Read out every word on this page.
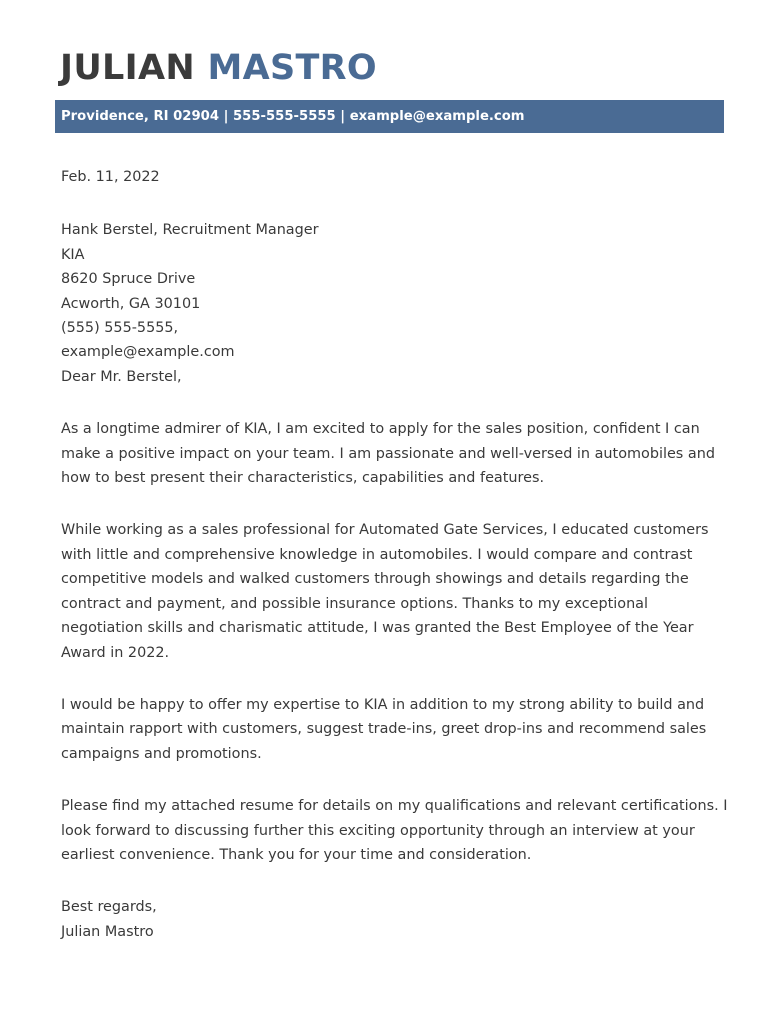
JULIAN MASTRO
Providence, RI 02904 | 555-555-5555 | example@example.com

Feb. 11, 2022

Hank Berstel, Recruitment Manager
KIA
8620 Spruce Drive
Acworth, GA 30101
(555) 555-5555,
example@example.com

Dear Mr. Berstel,

As a longtime admirer of KIA, I am excited to apply for the sales position, confident I can make a positive impact on your team. I am passionate and well-versed in automobiles and how to best present their characteristics, capabilities and features.

While working as a sales professional for Automated Gate Services, I educated customers with little and comprehensive knowledge in automobiles. I would compare and contrast competitive models and walked customers through showings and details regarding the contract and payment, and possible insurance options. Thanks to my exceptional negotiation skills and charismatic attitude, I was granted the Best Employee of the Year Award in 2022.

I would be happy to offer my expertise to KIA in addition to my strong ability to build and maintain rapport with customers, suggest trade-ins, greet drop-ins and recommend sales campaigns and promotions.

Please find my attached resume for details on my qualifications and relevant certifications. I look forward to discussing further this exciting opportunity through an interview at your earliest convenience. Thank you for your time and consideration.

Best regards,
Julian Mastro
